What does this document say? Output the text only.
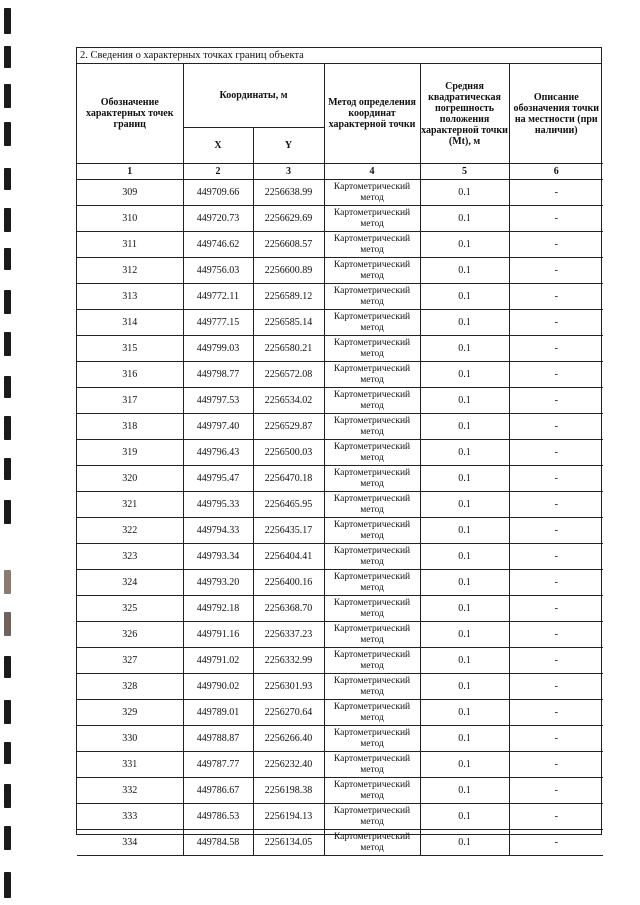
2. Сведения о характерных точках границ объекта
Обозначение характерных точек границ	Координаты, м		Метод определения координат характерной точки	Средняя квадратическая погрешность положения характерной точки (Mt), м	Описание обозначения точки на местности (при наличии)
	X	Y			
1	2	3	4	5	6
309	449709.66	2256638.99	Картометрический метод	0.1	-
310	449720.73	2256629.69	Картометрический метод	0.1	-
311	449746.62	2256608.57	Картометрический метод	0.1	-
312	449756.03	2256600.89	Картометрический метод	0.1	-
313	449772.11	2256589.12	Картометрический метод	0.1	-
314	449777.15	2256585.14	Картометрический метод	0.1	-
315	449799.03	2256580.21	Картометрический метод	0.1	-
316	449798.77	2256572.08	Картометрический метод	0.1	-
317	449797.53	2256534.02	Картометрический метод	0.1	-
318	449797.40	2256529.87	Картометрический метод	0.1	-
319	449796.43	2256500.03	Картометрический метод	0.1	-
320	449795.47	2256470.18	Картометрический метод	0.1	-
321	449795.33	2256465.95	Картометрический метод	0.1	-
322	449794.33	2256435.17	Картометрический метод	0.1	-
323	449793.34	2256404.41	Картометрический метод	0.1	-
324	449793.20	2256400.16	Картометрический метод	0.1	-
325	449792.18	2256368.70	Картометрический метод	0.1	-
326	449791.16	2256337.23	Картометрический метод	0.1	-
327	449791.02	2256332.99	Картометрический метод	0.1	-
328	449790.02	2256301.93	Картометрический метод	0.1	-
329	449789.01	2256270.64	Картометрический метод	0.1	-
330	449788.87	2256266.40	Картометрический метод	0.1	-
331	449787.77	2256232.40	Картометрический метод	0.1	-
332	449786.67	2256198.38	Картометрический метод	0.1	-
333	449786.53	2256194.13	Картометрический метод	0.1	-
334	449784.58	2256134.05	Картометрический метод	0.1	-
